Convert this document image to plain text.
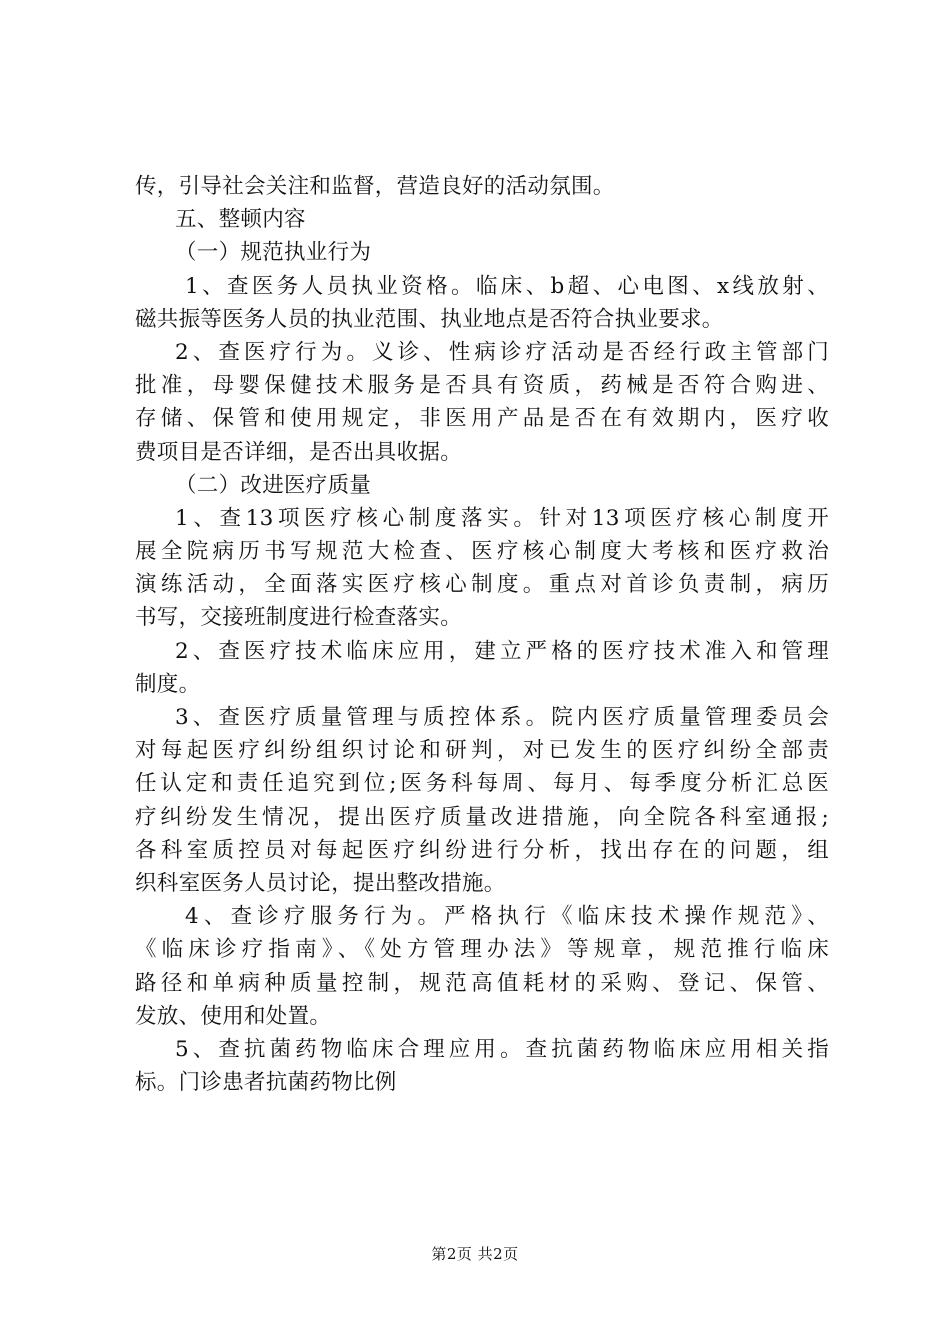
传，引导社会关注和监督，营造良好的活动氛围。
五、整顿内容
（一）规范执业行为
1、查医务人员执业资格。临床、b超、心电图、x线放射、
磁共振等医务人员的执业范围、执业地点是否符合执业要求。
2、查医疗行为。义诊、性病诊疗活动是否经行政主管部门
批准，母婴保健技术服务是否具有资质，药械是否符合购进、
存储、保管和使用规定，非医用产品是否在有效期内，医疗收
费项目是否详细，是否出具收据。
（二）改进医疗质量
1、查13项医疗核心制度落实。针对13项医疗核心制度开
展全院病历书写规范大检查、医疗核心制度大考核和医疗救治
演练活动，全面落实医疗核心制度。重点对首诊负责制，病历
书写，交接班制度进行检查落实。
2、查医疗技术临床应用，建立严格的医疗技术准入和管理
制度。
3、查医疗质量管理与质控体系。院内医疗质量管理委员会
对每起医疗纠纷组织讨论和研判，对已发生的医疗纠纷全部责
任认定和责任追究到位;医务科每周、每月、每季度分析汇总医
疗纠纷发生情况，提出医疗质量改进措施，向全院各科室通报;
各科室质控员对每起医疗纠纷进行分析，找出存在的问题，组
织科室医务人员讨论，提出整改措施。
4、查诊疗服务行为。严格执行《临床技术操作规范》、
《临床诊疗指南》、《处方管理办法》等规章，规范推行临床
路径和单病种质量控制，规范高值耗材的采购、登记、保管、
发放、使用和处置。
5、查抗菌药物临床合理应用。查抗菌药物临床应用相关指
标。门诊患者抗菌药物比例
第2页 共2页
